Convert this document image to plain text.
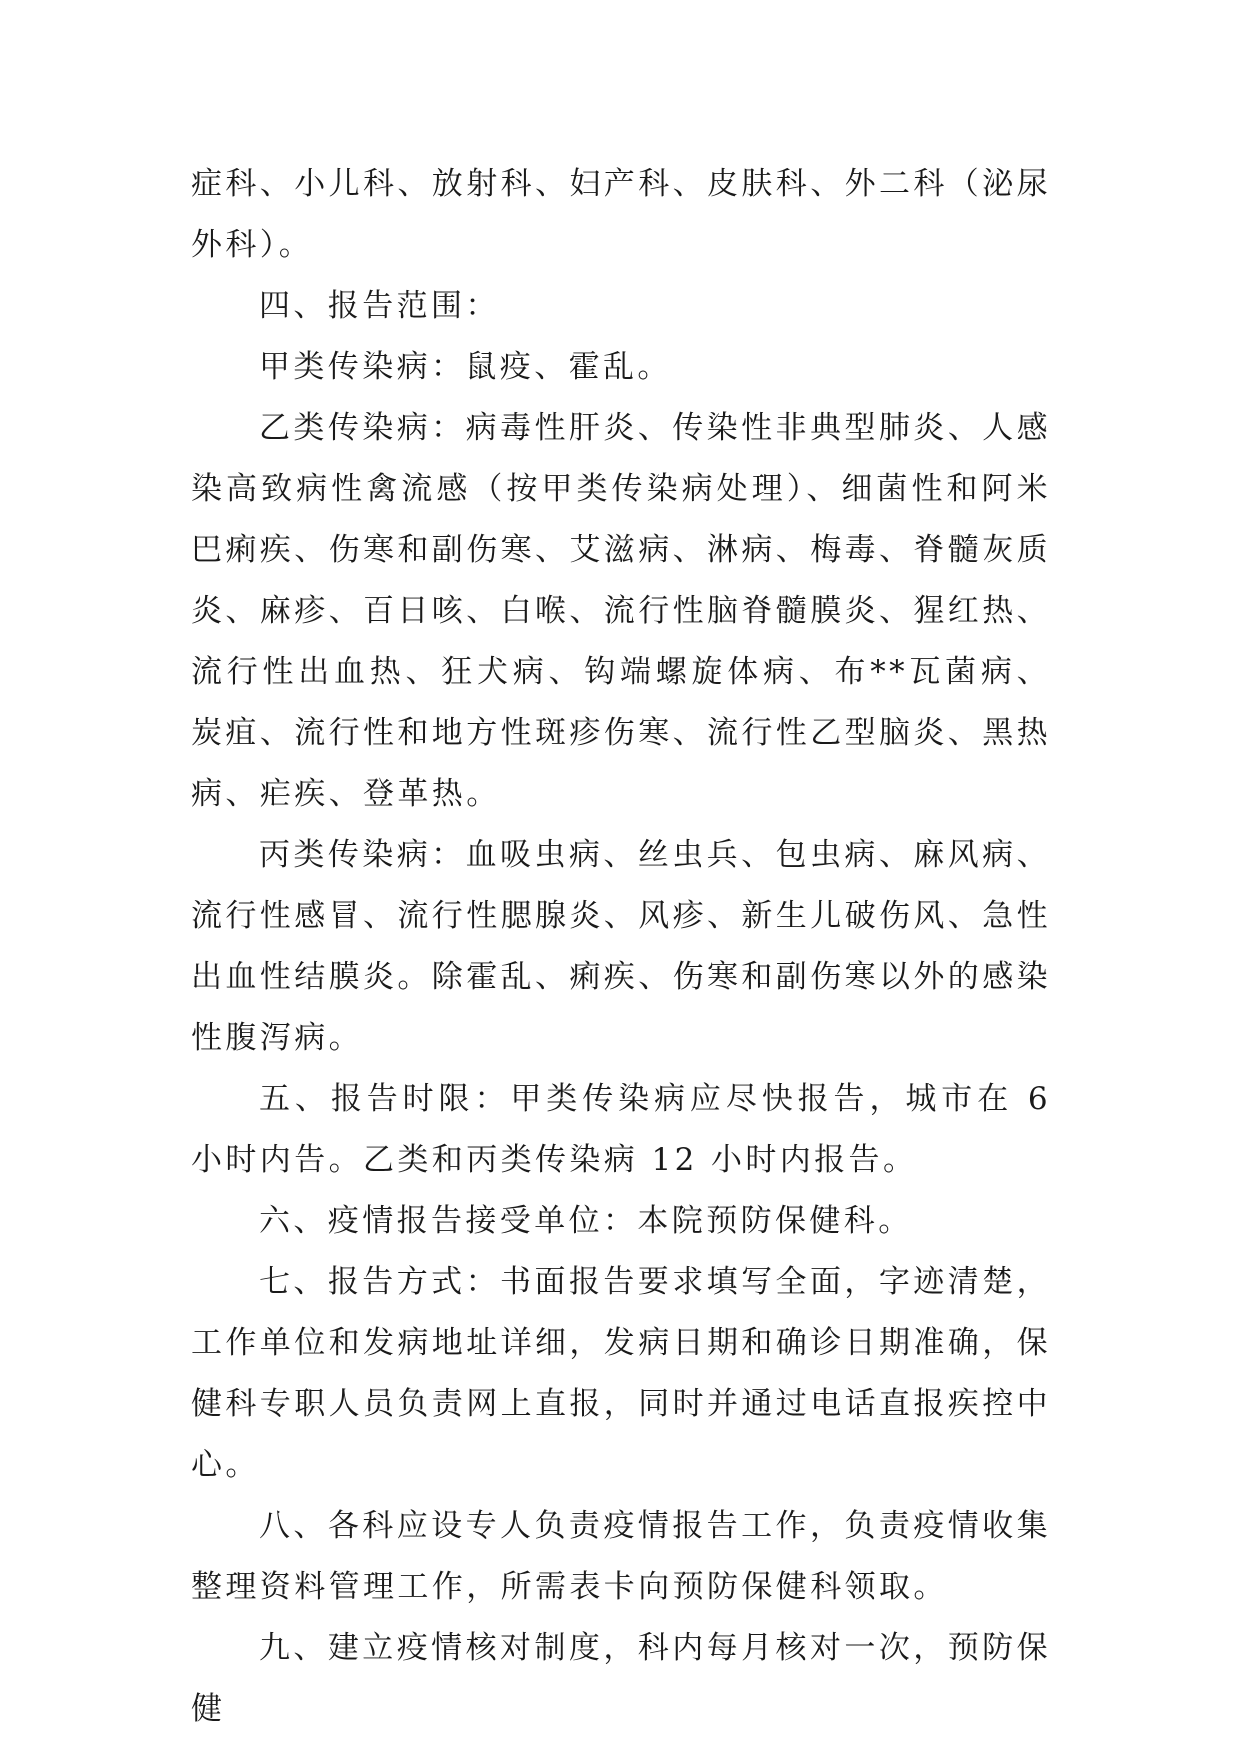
症科、小儿科、放射科、妇产科、皮肤科、外二科（泌尿外科）。

四、报告范围：

甲类传染病：鼠疫、霍乱。

乙类传染病：病毒性肝炎、传染性非典型肺炎、人感染高致病性禽流感（按甲类传染病处理）、细菌性和阿米巴痢疾、伤寒和副伤寒、艾滋病、淋病、梅毒、脊髓灰质炎、麻疹、百日咳、白喉、流行性脑脊髓膜炎、猩红热、流行性出血热、狂犬病、钩端螺旋体病、布**瓦菌病、炭疽、流行性和地方性斑疹伤寒、流行性乙型脑炎、黑热病、疟疾、登革热。

丙类传染病：血吸虫病、丝虫兵、包虫病、麻风病、流行性感冒、流行性腮腺炎、风疹、新生儿破伤风、急性出血性结膜炎。除霍乱、痢疾、伤寒和副伤寒以外的感染性腹泻病。

五、报告时限：甲类传染病应尽快报告，城市在 6 小时内告。乙类和丙类传染病 12 小时内报告。

六、疫情报告接受单位：本院预防保健科。

七、报告方式：书面报告要求填写全面，字迹清楚，工作单位和发病地址详细，发病日期和确诊日期准确，保健科专职人员负责网上直报，同时并通过电话直报疾控中心。

八、各科应设专人负责疫情报告工作，负责疫情收集整理资料管理工作，所需表卡向预防保健科领取。

九、建立疫情核对制度，科内每月核对一次，预防保健
